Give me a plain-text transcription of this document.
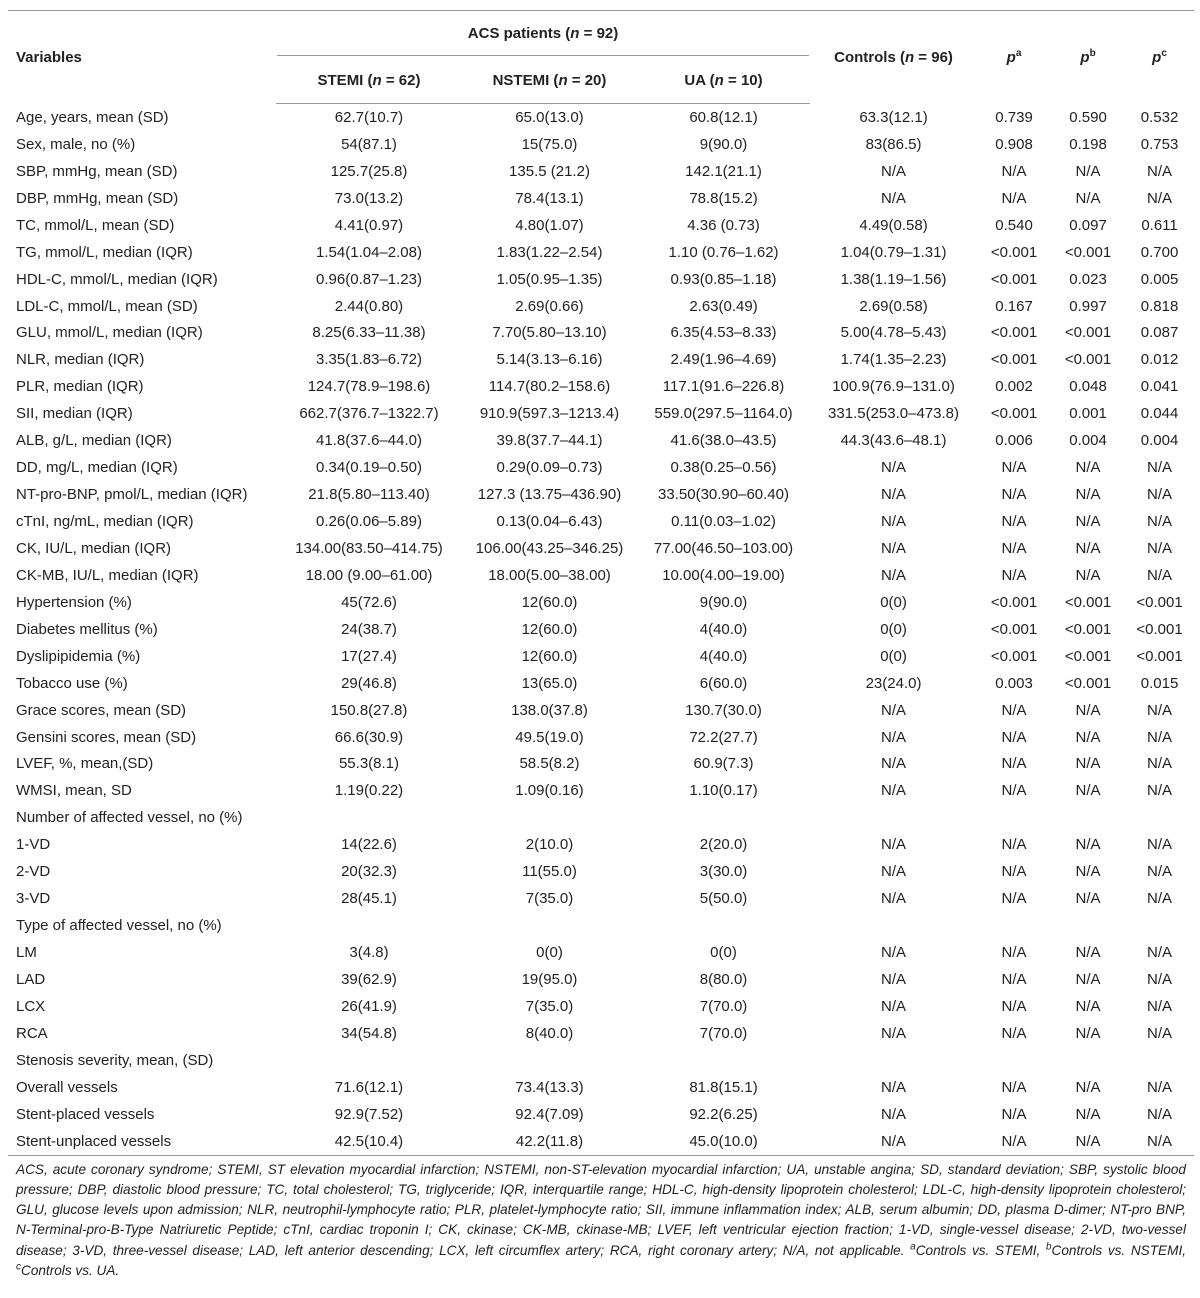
Variables	ACS patients (n = 92)			Controls (n = 96)	$p^a$	$p^b$	$p^c$
	STEMI (n = 62)	NSTEMI (n = 20)	UA (n = 10)				
Age, years, mean (SD)	62.7(10.7)	65.0(13.0)	60.8(12.1)	63.3(12.1)	0.739	0.590	0.532
Sex, male, no (%)	54(87.1)	15(75.0)	9(90.0)	83(86.5)	0.908	0.198	0.753
SBP, mmHg, mean (SD)	125.7(25.8)	135.5 (21.2)	142.1(21.1)	N/A	N/A	N/A	N/A
DBP, mmHg, mean (SD)	73.0(13.2)	78.4(13.1)	78.8(15.2)	N/A	N/A	N/A	N/A
TC, mmol/L, mean (SD)	4.41(0.97)	4.80(1.07)	4.36 (0.73)	4.49(0.58)	0.540	0.097	0.611
TG, mmol/L, median (IQR)	1.54(1.04–2.08)	1.83(1.22–2.54)	1.10 (0.76–1.62)	1.04(0.79–1.31)	<0.001	<0.001	0.700
HDL-C, mmol/L, median (IQR)	0.96(0.87–1.23)	1.05(0.95–1.35)	0.93(0.85–1.18)	1.38(1.19–1.56)	<0.001	0.023	0.005
LDL-C, mmol/L, mean (SD)	2.44(0.80)	2.69(0.66)	2.63(0.49)	2.69(0.58)	0.167	0.997	0.818
GLU, mmol/L, median (IQR)	8.25(6.33–11.38)	7.70(5.80–13.10)	6.35(4.53–8.33)	5.00(4.78–5.43)	<0.001	<0.001	0.087
NLR, median (IQR)	3.35(1.83–6.72)	5.14(3.13–6.16)	2.49(1.96–4.69)	1.74(1.35–2.23)	<0.001	<0.001	0.012
PLR, median (IQR)	124.7(78.9–198.6)	114.7(80.2–158.6)	117.1(91.6–226.8)	100.9(76.9–131.0)	0.002	0.048	0.041
SII, median (IQR)	662.7(376.7–1322.7)	910.9(597.3–1213.4)	559.0(297.5–1164.0)	331.5(253.0–473.8)	<0.001	0.001	0.044
ALB, g/L, median (IQR)	41.8(37.6–44.0)	39.8(37.7–44.1)	41.6(38.0–43.5)	44.3(43.6–48.1)	0.006	0.004	0.004
DD, mg/L, median (IQR)	0.34(0.19–0.50)	0.29(0.09–0.73)	0.38(0.25–0.56)	N/A	N/A	N/A	N/A
NT-pro-BNP, pmol/L, median (IQR)	21.8(5.80–113.40)	127.3 (13.75–436.90)	33.50(30.90–60.40)	N/A	N/A	N/A	N/A
cTnI, ng/mL, median (IQR)	0.26(0.06–5.89)	0.13(0.04–6.43)	0.11(0.03–1.02)	N/A	N/A	N/A	N/A
CK, IU/L, median (IQR)	134.00(83.50–414.75)	106.00(43.25–346.25)	77.00(46.50–103.00)	N/A	N/A	N/A	N/A
CK-MB, IU/L, median (IQR)	18.00 (9.00–61.00)	18.00(5.00–38.00)	10.00(4.00–19.00)	N/A	N/A	N/A	N/A
Hypertension (%)	45(72.6)	12(60.0)	9(90.0)	0(0)	<0.001	<0.001	<0.001
Diabetes mellitus (%)	24(38.7)	12(60.0)	4(40.0)	0(0)	<0.001	<0.001	<0.001
Dyslipipidemia (%)	17(27.4)	12(60.0)	4(40.0)	0(0)	<0.001	<0.001	<0.001
Tobacco use (%)	29(46.8)	13(65.0)	6(60.0)	23(24.0)	0.003	<0.001	0.015
Grace scores, mean (SD)	150.8(27.8)	138.0(37.8)	130.7(30.0)	N/A	N/A	N/A	N/A
Gensini scores, mean (SD)	66.6(30.9)	49.5(19.0)	72.2(27.7)	N/A	N/A	N/A	N/A
LVEF, %, mean,(SD)	55.3(8.1)	58.5(8.2)	60.9(7.3)	N/A	N/A	N/A	N/A
WMSI, mean, SD	1.19(0.22)	1.09(0.16)	1.10(0.17)	N/A	N/A	N/A	N/A
Number of affected vessel, no (%)							
1-VD	14(22.6)	2(10.0)	2(20.0)	N/A	N/A	N/A	N/A
2-VD	20(32.3)	11(55.0)	3(30.0)	N/A	N/A	N/A	N/A
3-VD	28(45.1)	7(35.0)	5(50.0)	N/A	N/A	N/A	N/A
Type of affected vessel, no (%)							
LM	3(4.8)	0(0)	0(0)	N/A	N/A	N/A	N/A
LAD	39(62.9)	19(95.0)	8(80.0)	N/A	N/A	N/A	N/A
LCX	26(41.9)	7(35.0)	7(70.0)	N/A	N/A	N/A	N/A
RCA	34(54.8)	8(40.0)	7(70.0)	N/A	N/A	N/A	N/A
Stenosis severity, mean, (SD)							
Overall vessels	71.6(12.1)	73.4(13.3)	81.8(15.1)	N/A	N/A	N/A	N/A
Stent-placed vessels	92.9(7.52)	92.4(7.09)	92.2(6.25)	N/A	N/A	N/A	N/A
Stent-unplaced vessels	42.5(10.4)	42.2(11.8)	45.0(10.0)	N/A	N/A	N/A	N/A
ACS, acute coronary syndrome; STEMI, ST elevation myocardial infarction; NSTEMI, non-ST-elevation myocardial infarction; UA, unstable angina; SD, standard deviation; SBP, systolic blood pressure; DBP, diastolic blood pressure; TC, total cholesterol; TG, triglyceride; IQR, interquartile range; HDL-C, high-density lipoprotein cholesterol; LDL-C, high-density lipoprotein cholesterol; GLU, glucose levels upon admission; NLR, neutrophil-lymphocyte ratio; PLR, platelet-lymphocyte ratio; SII, immune inflammation index; ALB, serum albumin; DD, plasma D-dimer; NT-pro BNP, N-Terminal-pro-B-Type Natriuretic Peptide; cTnI, cardiac troponin I; CK, ckinase; CK-MB, ckinase-MB; LVEF, left ventricular ejection fraction; 1-VD, single-vessel disease; 2-VD, two-vessel disease; 3-VD, three-vessel disease; LAD, left anterior descending; LCX, left circumflex artery; RCA, right coronary artery; N/A, not applicable. $^a$Controls vs. STEMI, $^b$Controls vs. NSTEMI, $^c$Controls vs. UA.
